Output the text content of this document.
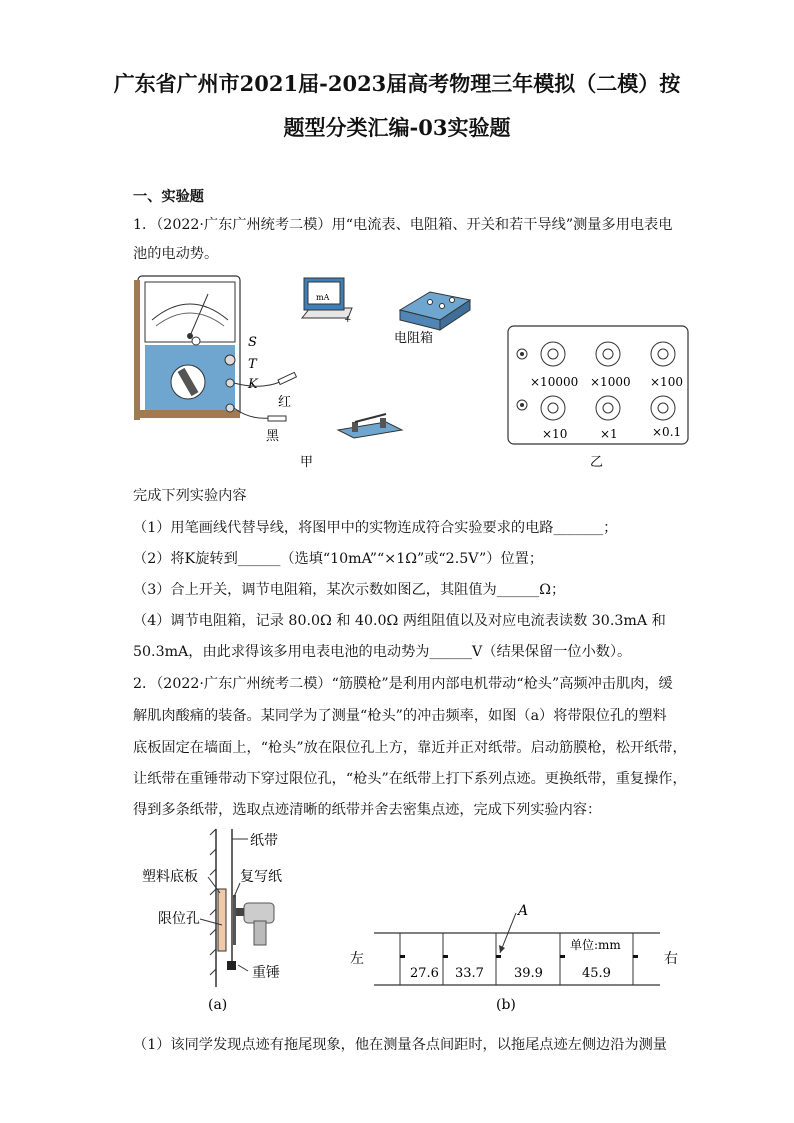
广东省广州市2021届-2023届高考物理三年模拟（二模）按
题型分类汇编-03实验题
一、实验题
1．（2022·广东广州统考二模）用“电流表、电阻箱、开关和若干导线”测量多用电表电
池的电动势。
S
T
K
红
黑
mA
+
电阻箱
甲
×10000 ×1000 ×100
×10	×1	×0.1
乙
完成下列实验内容
（1）用笔画线代替导线，将图甲中的实物连成符合实验要求的电路_______；
（2）将K旋转到______（选填“10mA”“×1Ω”或“2.5V”）位置；
（3）合上开关，调节电阻箱，某次示数如图乙，其阻值为______Ω；
（4）调节电阻箱，记录 80.0Ω 和 40.0Ω 两组阻值以及对应电流表读数 30.3mA 和
50.3mA，由此求得该多用电表电池的电动势为______V（结果保留一位小数）。
2．（2022·广东广州统考二模）“筋膜枪”是利用内部电机带动“枪头”高频冲击肌肉，缓
解肌肉酸痛的装备。某同学为了测量“枪头”的冲击频率，如图（a）将带限位孔的塑料
底板固定在墙面上，“枪头”放在限位孔上方，靠近并正对纸带。启动筋膜枪，松开纸带，
让纸带在重锤带动下穿过限位孔，“枪头”在纸带上打下系列点迹。更换纸带，重复操作，
得到多条纸带，选取点迹清晰的纸带并舍去密集点迹，完成下列实验内容：
纸带
塑料底板	复写纸
限位孔
重锤
(a)
A
左	右
单位:mm
27.6 33.7 39.9	45.9
(b)
（1）该同学发现点迹有拖尾现象，他在测量各点间距时，以拖尾点迹左侧边沿为测量
